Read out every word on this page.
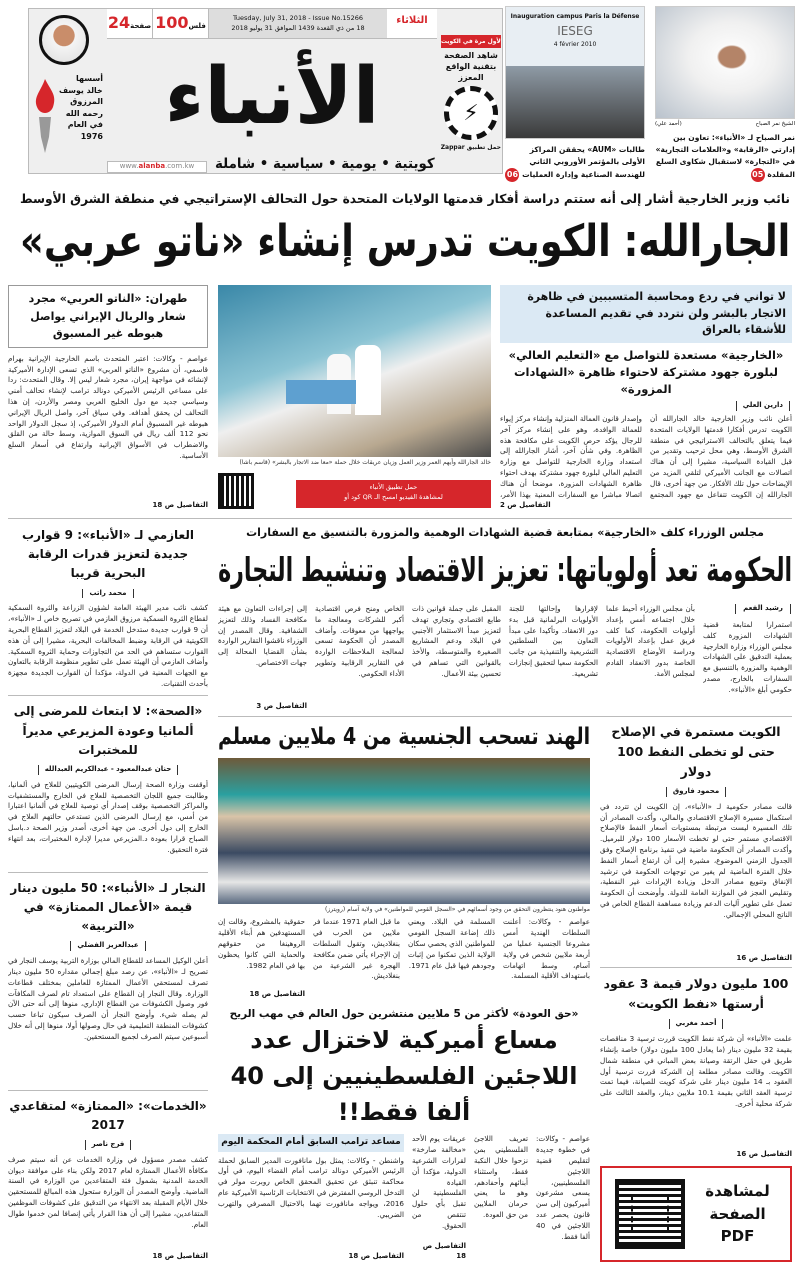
24صفحة 100فلس
Tuesday, July 31, 2018 - Issue No.15266
18 من ذي القعدة 1439 الموافق 31 يوليو 2018
الثلاثاء
أسسها
خالد يوسف
المرزوق
رحمه الله
في العام
1976 الأنباء
كويتية • يومية • سياسية • شاملة
www.alanba.com.kw
لأول مرة في الكويت
شاهد الصفحة بتقنية الواقع المعزز
⚡
حمل تطبيق Zappar
Inauguration campus Paris la Défense
IESEG
4 février 2010
طالبات «AUM» يحققن المراكز الأولى بالمؤتمر الأوروبي الثاني للهندسة الصناعية وإدارة العمليات 06
الشيخ نمر الصباح
(أحمد علي)
نمر الصباح لـ «الأنباء»: تعاون بين إدارتي «الرقابة» و«العلامات التجارية» في «التجارة» لاستقبال شكاوى السلع المقلدة 05
نائب وزير الخارجية أشار إلى أنه ستتم دراسة أفكار قدمتها الولايات المتحدة حول التحالف الإستراتيجي في منطقة الشرق الأوسط
الجارالله: الكويت تدرس إنشاء «ناتو عربي»
لا تواني في ردع ومحاسبة المتسببين في ظاهرة الاتجار بالبشر ولن نتردد في تقديم المساعدة للأشقاء بالعراق
«الخارجية» مستعدة للتواصل مع «التعليم العالي» لبلورة جهود مشتركة لاحتواء ظاهرة «الشهادات المزورة»
دارين العلي
أعلن نائب وزير الخارجية خالد الجارالله أن الكويت تدرس أفكارا قدمتها الولايات المتحدة فيما يتعلق بالتحالف الاستراتيجي في منطقة الشرق الأوسط، وهي محل ترحيب وتقدير من قبل القيادة السياسية، مشيرا إلى أن هناك اتصالات مع الجانب الأميركي لتلقي المزيد من الإيضاحات حول تلك الأفكار. من جهة أخرى، قال الجارالله إن الكويت تتفاعل مع جهود المجتمع
وإصدار قانون العمالة المنزلية وإنشاء مركز إيواء للعمالة الوافدة، وهو على إنشاء مركز آخر للرجال يؤكد حرص الكويت على مكافحة هذه الظاهرة. وفي شأن آخر، أشار الجارالله إلى استعداد وزارة الخارجية للتواصل مع وزارة التعليم العالي لبلورة جهود مشتركة بهدف احتواء ظاهرة الشهادات المزورة، موضحا أن هناك اتصالا مباشرا مع السفارات المعنية بهذا الأمر،
التفاصيل ص 2
خالد الجارالله وأيهم العمر وزير العمل وزيان عريقات خلال حملة «معا ضد الاتجار بالبشر» (قاسم باشا)
حمل تطبيق الأنباء
لمشاهدة الفيديو امسح الـ QR كود أو
طهران: «الناتو العربي» مجرد شعار والريال الإيراني يواصل هبوطه غير المسبوق
عواصم - وكالات: اعتبر المتحدث باسم الخارجية الإيرانية بهرام قاسمي، أن مشروع «الناتو العربي» الذي تسعى الإدارة الأميركية لإنشائه في مواجهة إيران، مجرد شعار ليس إلا. وقال المتحدث: ردا على مساعي الرئيس الأميركي دونالد ترامب لإنشاء تحالف أمني وسياسي جديد مع دول الخليج العربي ومصر والأردن، إن هذا التحالف لن يحقق أهدافه. وفي سياق آخر، واصل الريال الإيراني هبوطه غير المسبوق أمام الدولار الأميركي، إذ سجل الدولار الواحد نحو 112 ألف ريال في السوق الموازية، وسط حالة من القلق والاضطراب في الأسواق الإيرانية وارتفاع في أسعار السلع الأساسية.
التفاصيل ص 18
مجلس الوزراء كلف «الخارجية» بمتابعة قضية الشهادات الوهمية والمزورة بالتنسيق مع السفارات
الحكومة تعد أولوياتها: تعزيز الاقتصاد وتنشيط التجارة
رشيد الفعم
استمرارا لمتابعة قضية الشهادات المزورة كلف مجلس الوزراء وزارة الخارجية بعملية التدقيق على الشهادات الوهمية والمزورة بالتنسيق مع السفارات بالخارج، مصدر حكومي أبلغ «الأنباء».
بأن مجلس الوزراء أحيط علما خلال اجتماعه أمس بإعداد أولويات الحكومة، كما كلف فريق عمل بإعداد الأولويات ودراسة الأوضاع الاقتصادية الخاصة بدور الانعقاد القادم لمجلس الأمة.
لإقرارها وإحالتها للجنة الأولويات البرلمانية قبل بدء دور الانعقاد. وتأكيدا على مبدأ التعاون بين السلطتين التشريعية والتنفيذية من جانب الحكومة سعيا لتحقيق إنجازات تشريعية.
المقبل على جملة قوانين ذات طابع اقتصادي وتجاري تهدف لتعزيز مبدأ الاستثمار الأجنبي في البلاد ودعم المشاريع الصغيرة والمتوسطة، والأخذ بالقوانين التي تساهم في تحسين بيئة الأعمال.
الخاص ومنح فرص اقتصادية أكبر للشركات ومعالجة ما يواجهها من معوقات. وأضاف المصدر أن الحكومة تسعى لمعالجة الملاحظات الواردة في التقارير الرقابية وتطوير الأداء الحكومي.
إلى إجراءات التعاون مع هيئة مكافحة الفساد وذلك لتعزيز الشفافية. وقال المصدر إن الوزراء ناقشوا التقارير الواردة بشأن القضايا المحالة إلى جهات الاختصاص.
التفاصيل ص 3
العازمي لـ «الأنباء»: 9 قوارب جديدة لتعزيز قدرات الرقابة البحرية قريبا
محمد راتب
كشف نائب مدير الهيئة العامة لشؤون الزراعة والثروة السمكية لقطاع الثروة السمكية مرزوق العازمي في تصريح خاص لـ «الأنباء»، أن 9 قوارب جديدة ستدخل الخدمة في البلاد لتعزيز القطاع البحرية الكويتية في الرقابة وضبط المخالفات البحرية، مشيرا إلى أن هذه القوارب ستساهم في الحد من التجاوزات وحماية الثروة السمكية. وأضاف العازمي أن الهيئة تعمل على تطوير منظومة الرقابة بالتعاون مع الجهات المعنية في الدولة، مؤكدا أن القوارب الجديدة مجهزة بأحدث التقنيات.
«الصحة»: لا ابتعاث للمرضى إلى ألمانيا وعودة المزيرعي مديراً للمختبرات
حنان عبدالمعبود - عبدالكريم العبدالله
أوقفت وزارة الصحة إرسال المرضى الكويتيين للعلاج في ألمانيا، وطالبت جميع اللجان التخصصية للعلاج في الخارج والمستشفيات والمراكز التخصصية بوقف إصدار أي توصية للعلاج في ألمانيا اعتبارا من أمس، مع إرسال المرضى الذين تستدعي حالتهم العلاج في الخارج إلى دول أخرى. من جهة أخرى، أصدر وزير الصحة د.باسل الصباح قرارا بعودة د.المزيرعي مديرا لإدارة المختبرات، بعد انتهاء فترة التحقيق.
النجار لـ «الأنباء»: 50 مليون دينار قيمة «الأعمال الممتازة» في «التربية»
عبدالعزيز الفضلي
أعلن الوكيل المساعد للقطاع المالي بوزارة التربية يوسف النجار في تصريح لـ «الأنباء»، عن رصد مبلغ إجمالي مقداره 50 مليون دينار تصرف لمستحقي الأعمال الممتازة للعاملين بمختلف قطاعات الوزارة. وقال النجار إن القطاع على استعداد تام لصرف المكافآت فور وصول الكشوفات من القطاع الإداري، منوها إلى أنه حتى الآن لم يصله شيء. وأوضح النجار أن الصرف سيكون تباعا حسب كشوفات المنطقة التعليمية في حال وصولها أولا، منوها إلى أنه خلال أسبوعين سيتم الصرف لجميع المستحقين.
«الخدمات»: «الممتازة» لمتقاعدي 2017
فرج ناصر
كشف مصدر مسؤول في وزارة الخدمات عن أنه سيتم صرف مكافأة الأعمال الممتازة لعام 2017 ولكن بناء على موافقة ديوان الخدمة المدنية بشمول فئة المتقاعدين من الوزارة في السنة الماضية. وأوضح المصدر أن الوزارة ستحول هذه المبالغ للمستحقين خلال الأيام المقبلة بعد الانتهاء من التدقيق على كشوفات الموظفين المتقاعدين، مشيرا إلى أن هذا القرار يأتي إنصافا لمن خدموا طوال العام.
التفاصيل ص 18
الهند تسحب الجنسية من 4 ملايين مسلم
مواطنون هنود ينتظرون التحقق من وجود أسمائهم في «السجل القومي للمواطنين» في ولاية آسام (رويترز)
عواصم - وكالات: أعلنت السلطات الهندية أمس مشروعا الجنسية عمليا من أربعة ملايين شخص في ولاية آسام، وسط اتهامات باستهداف الأقلية المسلمة.
المسلمة في البلاد. ويعني ذلك إضاعة السجل القومي للمواطنين الذي يحصي سكان الولاية الذين تمكنوا من إثبات وجودهم فيها قبل عام 1971.
ما قبل العام 1971 عندما فر ملايين من الحرب في بنغلاديش، وتقول السلطات إن الإجراء يأتي ضمن مكافحة الهجرة غير الشرعية من بنغلاديش.
حقوقية بالمشروع، وقالت إن المستهدفين هم أبناء الأقلية الروهينغا من حقوقهم والحماية التي كانوا يحظون بها في العام 1982.
التفاصيل ص 18
«حق العودة» لأكثر من 5 ملايين منتشرين حول العالم في مهب الريح
مساع أميركية لاختزال عدد اللاجئين الفلسطينيين إلى 40 ألفا فقط!!
مساعد ترامب السابق أمام المحكمة اليوم
واشنطن - وكالات: يمثل بول مانافورت المدير السابق لحملة الرئيس الأميركي دونالد ترامب أمام القضاء اليوم، في أول محاكمة تنبثق عن تحقيق المحقق الخاص روبرت مولر في التدخل الروسي المفترض في الانتخابات الرئاسية الأميركية عام 2016، ويواجه مانافورت تهما بالاحتيال المصرفي والتهرب الضريبي.
التفاصيل ص 18
عواصم - وكالات: في خطوة جديدة لتقليص قضية اللاجئين الفلسطينيين، يسعى مشرعون أميركيون إلى سن قانون يحصر عدد اللاجئين في 40 ألفا فقط.
تعريف اللاجئ الفلسطيني بمن نزحوا خلال النكبة فقط، واستثناء أبنائهم وأحفادهم، وهو ما يعني حرمان الملايين من حق العودة.
عريقات يوم الأحد «مخالفة صارخة» لقرارات الشرعية الدولية، مؤكدا أن القيادة الفلسطينية لن تقبل بأي حلول تنتقص من الحقوق.
التفاصيل ص 18
الكويت مستمرة في الإصلاح حتى لو تخطى النفط 100 دولار
محمود فاروق
قالت مصادر حكومية لـ «الأنباء»، إن الكويت لن تتردد في استكمال مسيرة الإصلاح الاقتصادي والمالي، وأكدت المصادر أن تلك المسيرة ليست مرتبطة بمستويات أسعار النفط فالإصلاح الاقتصادي مستمر حتى لو تخطت الأسعار 100 دولار للبرميل. وأكدت المصادر أن الحكومة ماضية في تنفيذ برنامج الإصلاح وفق الجدول الزمني الموضوع، مشيرة إلى أن ارتفاع أسعار النفط خلال الفترة الماضية لم يغير من توجهات الحكومة في ترشيد الإنفاق وتنويع مصادر الدخل وزيادة الإيرادات غير النفطية، وتقليص العجز في الموازنة العامة للدولة. وأوضحت أن الحكومة تعمل على تطوير آليات الدعم وزيادة مساهمة القطاع الخاص في الناتج المحلي الإجمالي.
التفاصيل ص 16
100 مليون دولار قيمة 3 عقود أرستها «نفط الكويت»
أحمد مغربي
علمت «الأنباء» أن شركة نفط الكويت قررت ترسية 3 مناقصات بقيمة 32 مليون دينار (ما يعادل 100 مليون دولار) خاصة بإنشاء طريق في حقل الرتقة وصيانة بعض المباني في منطقة شمال الكويت. وقالت مصادر مطلعة إن الشركة قررت ترسية أول العقود بـ 14 مليون دينار على شركة كويت للصيانة، فيما تمت ترسية العقد الثاني بقيمة 10.1 ملايين دينار، والعقد الثالث على شركة محلية أخرى.
التفاصيل ص 16
لمشاهدة الصفحة PDF
